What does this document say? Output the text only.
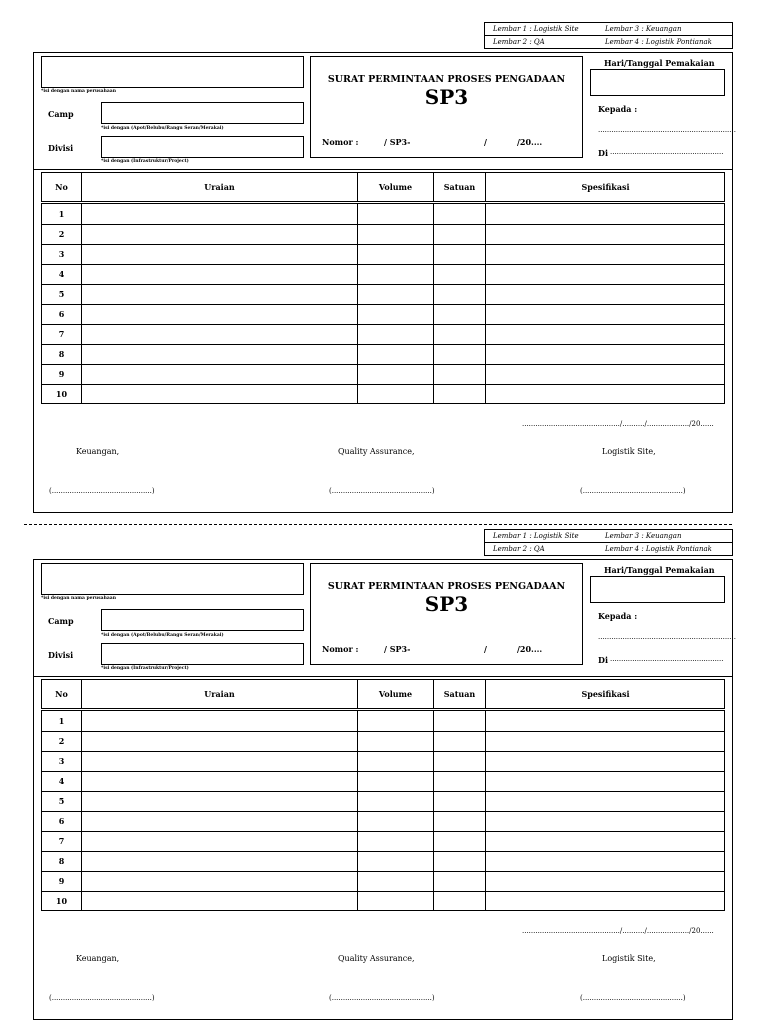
Lembar 1 : Logistik Site
Lembar 2 : QA
Lembar 3 : Keuangan
Lembar 4 : Logistik Pontianak
*isi dengan nama perusahaan
Camp
*isi dengan (Apot/Belubu/Rangu Seran/Merakai)
Divisi
*isi dengan (Infrastruktur/Project)
SURAT PERMINTAAN PROSES PENGADAAN
SP3
Nomor :	/ SP3-	/	/20....
Hari/Tanggal Pemakaian
Kepada :
..............................................................
Di ...................................................
No	Uraian	Volume	Satuan	Spesifikasi
1
2
3
4
5
6
7
8
9
10
............................................/........../.................../20......
Keuangan,	Quality Assurance,	Logistik Site,
(.............................................)	(.............................................)	(.............................................)
Lembar 1 : Logistik Site
Lembar 2 : QA
Lembar 3 : Keuangan
Lembar 4 : Logistik Pontianak
*isi dengan nama perusahaan
Camp
*isi dengan (Apot/Belubu/Rangu Seran/Merakai)
Divisi
*isi dengan (Infrastruktur/Project)
SURAT PERMINTAAN PROSES PENGADAAN
SP3
Nomor :	/ SP3-	/	/20....
Hari/Tanggal Pemakaian
Kepada :
..............................................................
Di ...................................................
No	Uraian	Volume	Satuan	Spesifikasi
1
2
3
4
5
6
7
8
9
10
............................................/........../.................../20......
Keuangan,	Quality Assurance,	Logistik Site,
(.............................................)	(.............................................)	(.............................................)
